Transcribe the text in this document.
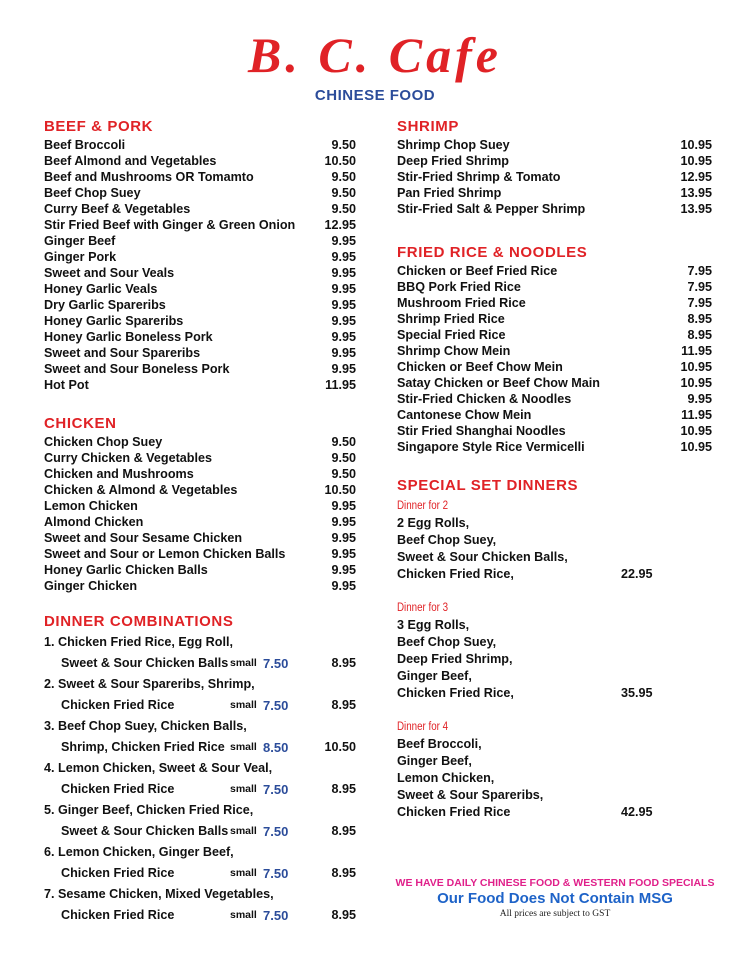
B. C. Cafe
CHINESE FOOD
BEEF & PORK
Beef Broccoli	9.50
Beef Almond and Vegetables	10.50
Beef and Mushrooms OR Tomamto	9.50
Beef Chop Suey	9.50
Curry Beef & Vegetables	9.50
Stir Fried Beef with Ginger & Green Onion 12.95
Ginger Beef	9.95
Ginger Pork	9.95
Sweet and Sour Veals	9.95
Honey Garlic Veals	9.95
Dry Garlic Spareribs	9.95
Honey Garlic Spareribs	9.95
Honey Garlic Boneless Pork	9.95
Sweet and Sour Spareribs	9.95
Sweet and Sour Boneless Pork	9.95
Hot Pot	11.95
CHICKEN
Chicken Chop Suey	9.50
Curry Chicken & Vegetables	9.50
Chicken and Mushrooms	9.50
Chicken & Almond & Vegetables	10.50
Lemon Chicken	9.95
Almond Chicken	9.95
Sweet and Sour Sesame Chicken	9.95
Sweet and Sour or Lemon Chicken Balls	9.95
Honey Garlic Chicken Balls	9.95
Ginger Chicken	9.95
DINNER COMBINATIONS
1. Chicken Fried Rice, Egg Roll,
Sweet & Sour Chicken Balls small 7.50	8.95
2. Sweet & Sour Spareribs, Shrimp,
Chicken Fried Rice	small 7.50	8.95
3. Beef Chop Suey, Chicken Balls,
Shrimp, Chicken Fried Rice small 8.50	10.50
4. Lemon Chicken, Sweet & Sour Veal,
Chicken Fried Rice	small 7.50	8.95
5. Ginger Beef, Chicken Fried Rice,
Sweet & Sour Chicken Balls small 7.50	8.95
6. Lemon Chicken, Ginger Beef,
Chicken Fried Rice	small 7.50	8.95
7. Sesame Chicken, Mixed Vegetables,
Chicken Fried Rice	small 7.50	8.95
SHRIMP
Shrimp Chop Suey	10.95
Deep Fried Shrimp	10.95
Stir-Fried Shrimp & Tomato	12.95
Pan Fried Shrimp	13.95
Stir-Fried Salt & Pepper Shrimp	13.95
FRIED RICE & NOODLES
Chicken or Beef Fried Rice	7.95
BBQ Pork Fried Rice	7.95
Mushroom Fried Rice	7.95
Shrimp Fried Rice	8.95
Special Fried Rice	8.95
Shrimp Chow Mein	11.95
Chicken or Beef Chow Mein	10.95
Satay Chicken or Beef Chow Main	10.95
Stir-Fried Chicken & Noodles	9.95
Cantonese Chow Mein	11.95
Stir Fried Shanghai Noodles	10.95
Singapore Style Rice Vermicelli	10.95
SPECIAL SET DINNERS
Dinner for 2
2 Egg Rolls,
Beef Chop Suey,
Sweet & Sour Chicken Balls,
Chicken Fried Rice,	22.95
Dinner for 3
3 Egg Rolls,
Beef Chop Suey,
Deep Fried Shrimp,
Ginger Beef,
Chicken Fried Rice,	35.95
Dinner for 4
Beef Broccoli,
Ginger Beef,
Lemon Chicken,
Sweet & Sour Spareribs,
Chicken Fried Rice	42.95
WE HAVE DAILY CHINESE FOOD & WESTERN FOOD SPECIALS
Our Food Does Not Contain MSG
All prices are subject to GST
